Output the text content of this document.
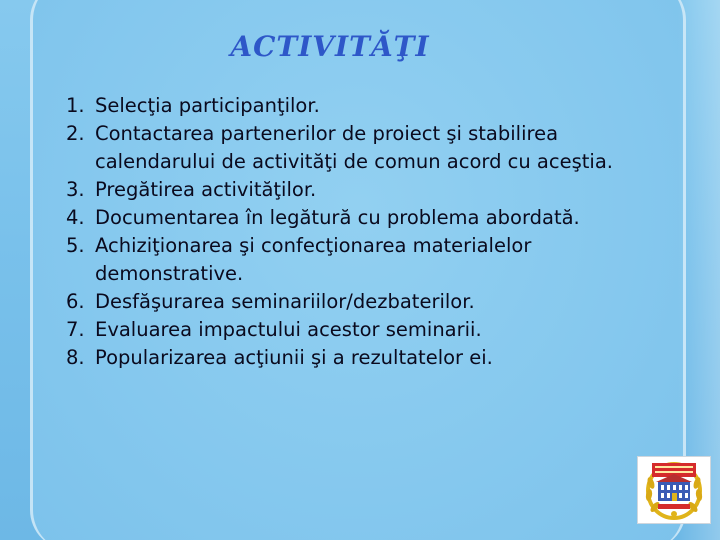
ACTIVITĂŢI
1. Selecţia participanţilor.
2. Contactarea partenerilor de proiect şi stabilirea calendarului de activităţi de comun acord cu aceştia.
3. Pregătirea activităţilor.
4. Documentarea în legătură cu problema abordată.
5. Achiziţionarea şi confecţionarea materialelor demonstrative.
6. Desfăşurarea seminariilor/dezbaterilor.
7. Evaluarea impactului acestor seminarii.
8. Popularizarea acţiunii şi a rezultatelor ei.
